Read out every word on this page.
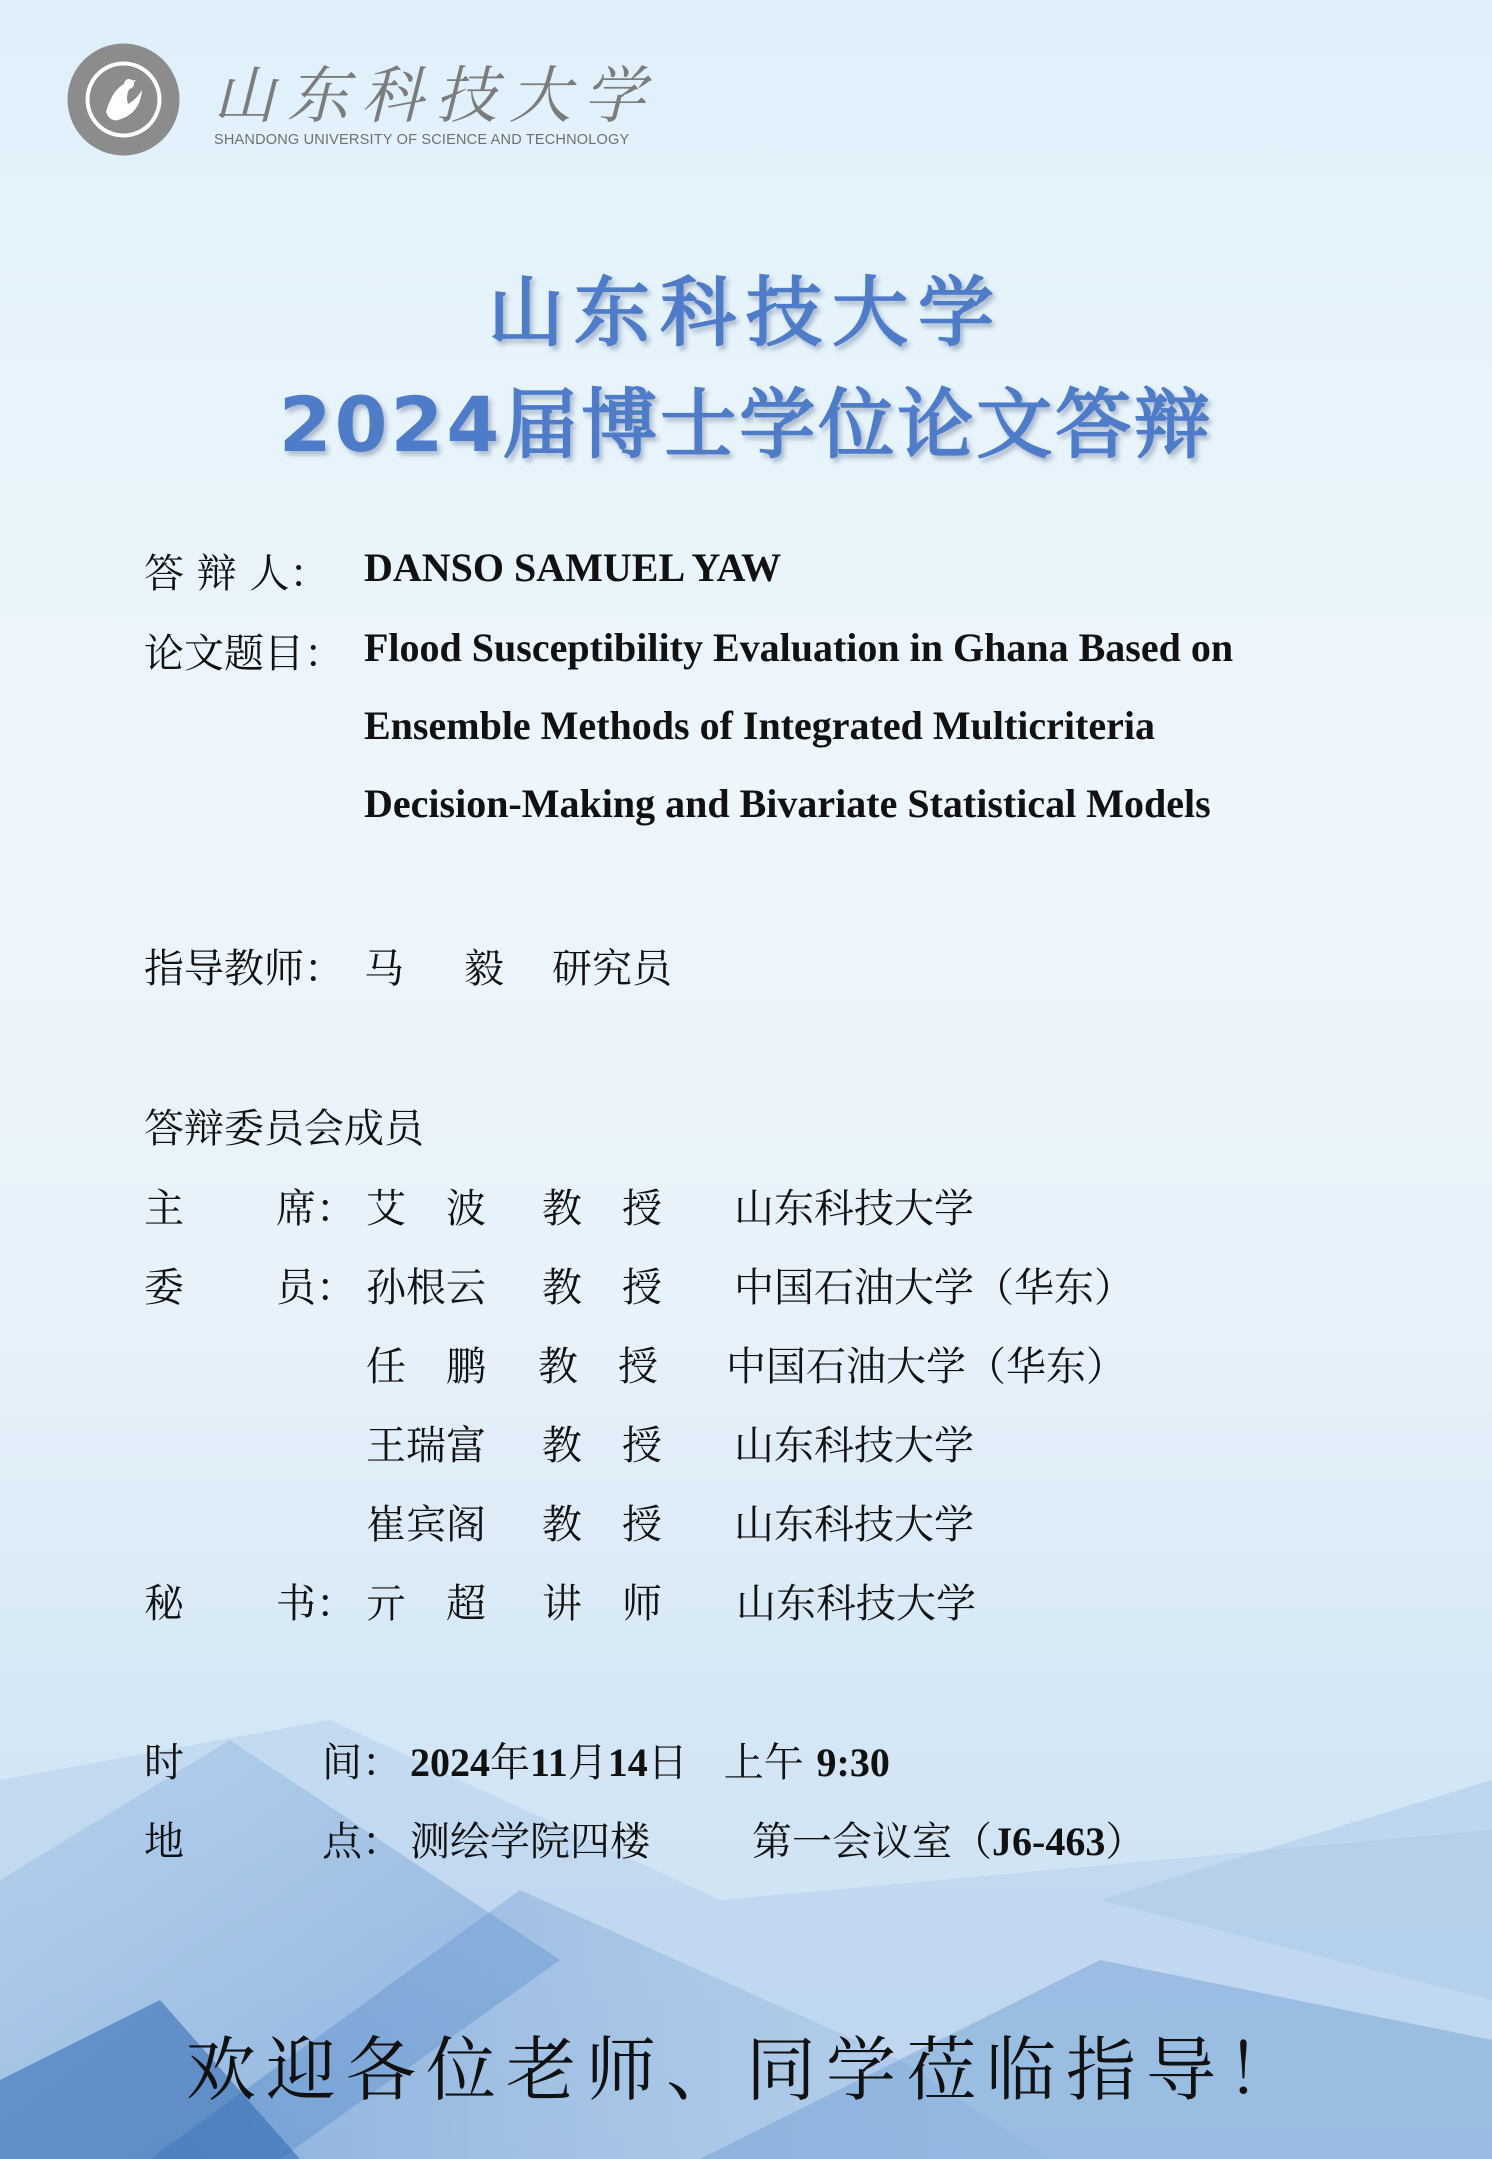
山东科技大学
SHANDONG UNIVERSITY OF SCIENCE AND TECHNOLOGY
山东科技大学
2024届博士学位论文答辩
答 辩 人： DANSO SAMUEL YAW
论文题目： Flood Susceptibility Evaluation in Ghana Based on
Ensemble Methods of Integrated Multicriteria
Decision-Making and Bivariate Statistical Models
指导教师： 马 毅 研究员
答辩委员会成员
主 席： 艾　波 教　授 山东科技大学
委 员： 孙根云 教　授 中国石油大学（华东）
任　鹏 教　授 中国石油大学（华东）
王瑞富 教　授 山东科技大学
崔宾阁 教　授 山东科技大学
秘 书： 亓　超 讲　师 山东科技大学
时	间： 2024年11月14日 上午 9:30
地	点： 测绘学院四楼	第一会议室（J6-463）
欢迎各位老师、同学莅临指导！
